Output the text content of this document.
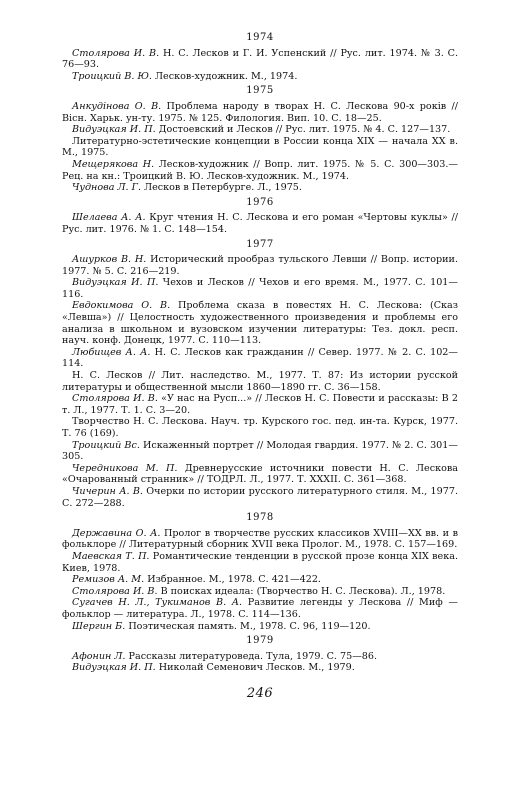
1974

Столярова И. В. Н. С. Лесков и Г. И. Успенский // Рус. лит. 1974. № 3. С. 76—93.

Троицкий В. Ю. Лесков-художник. М., 1974.

1975

Анкудінова О. В. Проблема народу в творах Н. С. Лескова 90-х років // Вісн. Харьк. ун-ту. 1975. № 125. Филология. Вип. 10. С. 18—25.

Видуэцкая И. П. Достоевский и Лесков // Рус. лит. 1975. № 4. С. 127—137.

Литературно-эстетические концепции в России конца XIX — начала XX в. М., 1975.

Мещерякова Н. Лесков-художник // Вопр. лит. 1975. № 5. С. 300—303.— Рец. на кн.: Троицкий В. Ю. Лесков-художник. М., 1974.

Чуднова Л. Г. Лесков в Петербурге. Л., 1975.

1976

Шелаева А. А. Круг чтения Н. С. Лескова и его роман «Чертовы куклы» // Рус. лит. 1976. № 1. С. 148—154.

1977

Ашурков В. Н. Исторический прообраз тульского Левши // Вопр. истории. 1977. № 5. С. 216—219.

Видуэцкая И. П. Чехов и Лесков // Чехов и его время. М., 1977. С. 101—116.

Евдокимова О. В. Проблема сказа в повестях Н. С. Лескова: (Сказ «Левша») // Целостность художественного произведения и проблемы его анализа в школьном и вузовском изучении литературы: Тез. докл. респ. науч. конф. Донецк, 1977. С. 110—113.

Любищев А. А. Н. С. Лесков как гражданин // Север. 1977. № 2. С. 102—114.

Н. С. Лесков // Лит. наследство. М., 1977. Т. 87: Из истории русской литературы и общественной мысли 1860—1890 гг. С. 36—158.

Столярова И. В. «У нас на Русп...» // Лесков Н. С. Повести и рассказы: В 2 т. Л., 1977. Т. 1. С. 3—20.

Творчество Н. С. Лескова. Науч. тр. Курского гос. пед. ин-та. Курск, 1977. Т. 76 (169).

Троицкий Вс. Искаженный портрет // Молодая гвардия. 1977. № 2. С. 301—305.

Чередникова М. П. Древнерусские источники повести Н. С. Лескова «Очарованный странник» // ТОДРЛ. Л., 1977. Т. XXXII. С. 361—368.

Чичерин А. В. Очерки по истории русского литературного стиля. М., 1977. С. 272—288.

1978

Державина О. А. Пролог в творчестве русских классиков XVIII—XX вв. и в фольклоре // Литературный сборник XVII века Пролог. М., 1978. С. 157—169.

Маевская Т. П. Романтические тенденции в русской прозе конца XIX века. Киев, 1978.

Ремизов А. М. Избранное. М., 1978. С. 421—422.

Столярова И. В. В поисках идеала: (Творчество Н. С. Лескова). Л., 1978.

Сугачев Н. Л., Тукиманов В. А. Развитие легенды у Лескова // Миф — фольклор — литература. Л., 1978. С. 114—136.

Шергин Б. Поэтическая память. М., 1978. С. 96, 119—120.

1979

Афонин Л. Рассказы литературоведа. Тула, 1979. С. 75—86.

Видуэцкая И. П. Николай Семенович Лесков. М., 1979.

246
